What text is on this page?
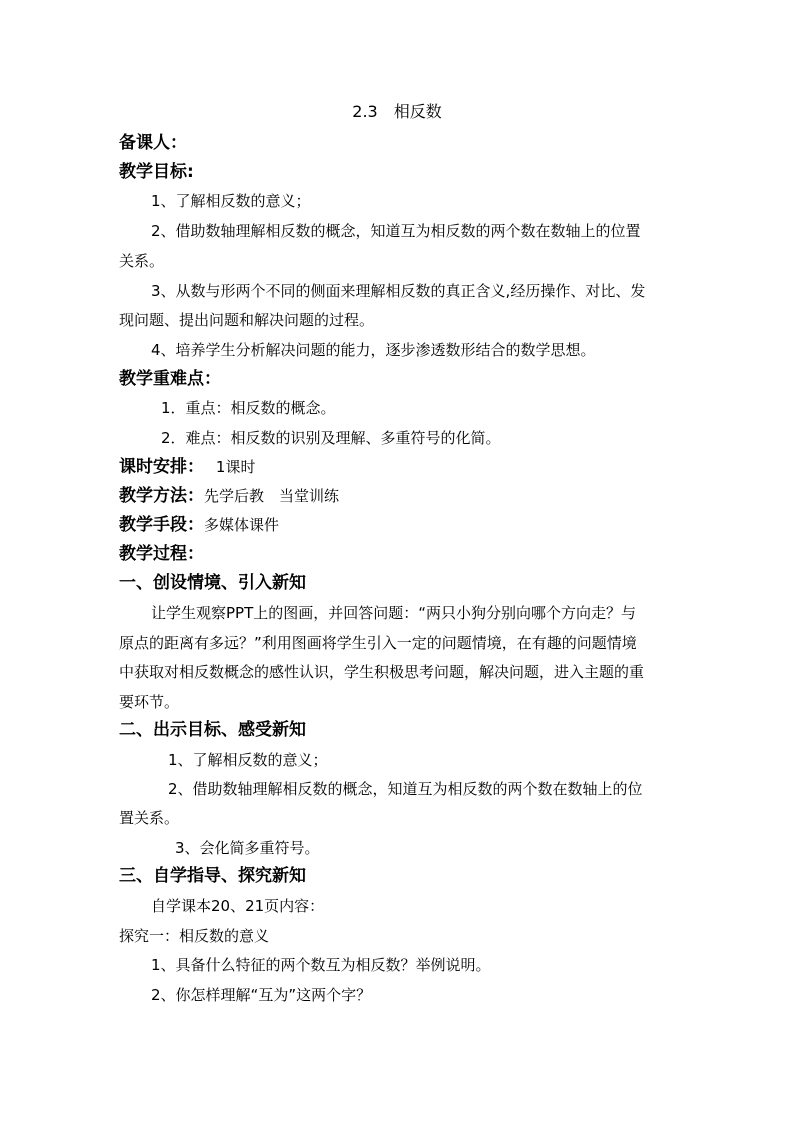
2.3　相反数
备课人：
教学目标:
1、了解相反数的意义；
2、借助数轴理解相反数的概念，知道互为相反数的两个数在数轴上的位置
关系。
3、从数与形两个不同的侧面来理解相反数的真正含义,经历操作、对比、发
现问题、提出问题和解决问题的过程。
4、培养学生分析解决问题的能力，逐步渗透数形结合的数学思想。
教学重难点：
1．重点：相反数的概念。
2．难点：相反数的识别及理解、多重符号的化简。
课时安排： 1课时
教学方法：先学后教　当堂训练
教学手段：多媒体课件
教学过程：
一、创设情境、引入新知
让学生观察PPT上的图画，并回答问题：“两只小狗分别向哪个方向走？与
原点的距离有多远？”利用图画将学生引入一定的问题情境，在有趣的问题情境
中获取对相反数概念的感性认识，学生积极思考问题，解决问题，进入主题的重
要环节。
二、出示目标、感受新知
1、了解相反数的意义；
2、借助数轴理解相反数的概念，知道互为相反数的两个数在数轴上的位
置关系。
3、会化简多重符号。
三、自学指导、探究新知
自学课本20、21页内容：
探究一：相反数的意义
1、具备什么特征的两个数互为相反数？举例说明。
2、你怎样理解“互为”这两个字？
